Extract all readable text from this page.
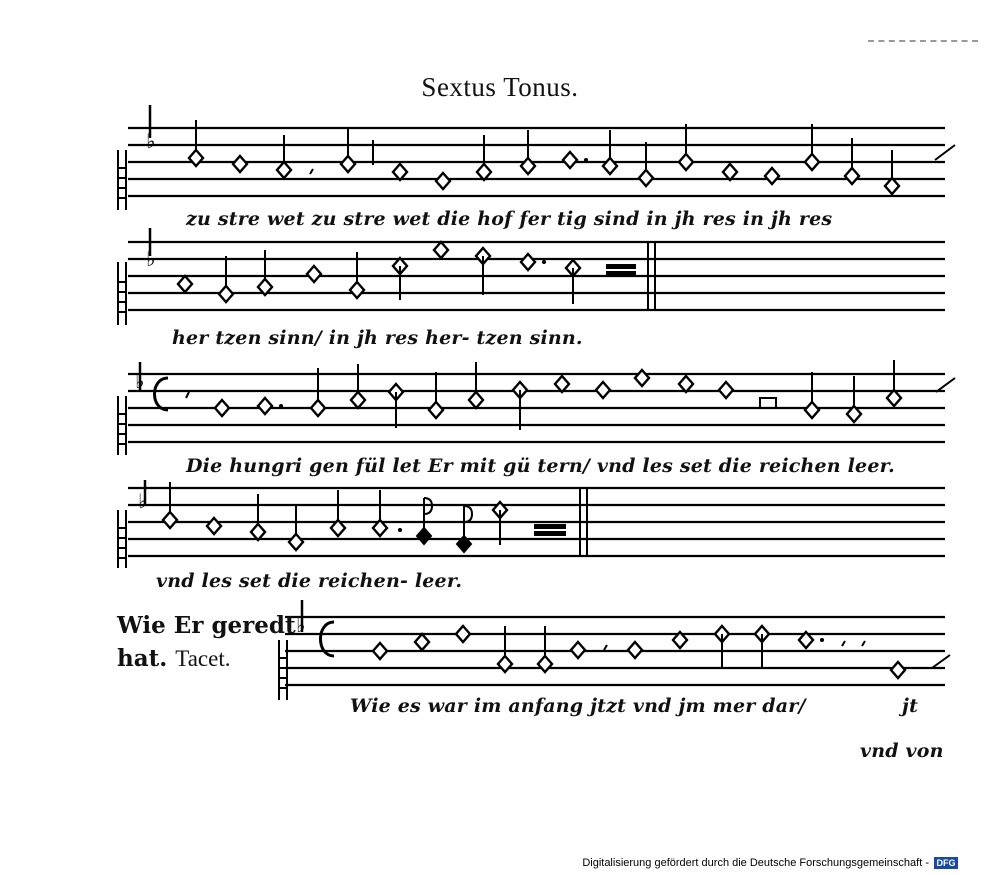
Sextus Tonus.
♭
♭
♭
♭
♭
zu stre wet zu stre wet die hof fer tig sind in jh res in jh res
her tzen sinn/ in jh res her- tzen sinn.
Die hungri gen fül let Er mit gü tern/ vnd les set die reichen leer.
vnd les set die reichen- leer.
Wie es war im anfang jtzt vnd jm mer dar/	jt
vnd von
Wie Er geredt
hat. Tacet.
Digitalisierung gefördert durch die Deutsche Forschungsgemeinschaft - DFG
